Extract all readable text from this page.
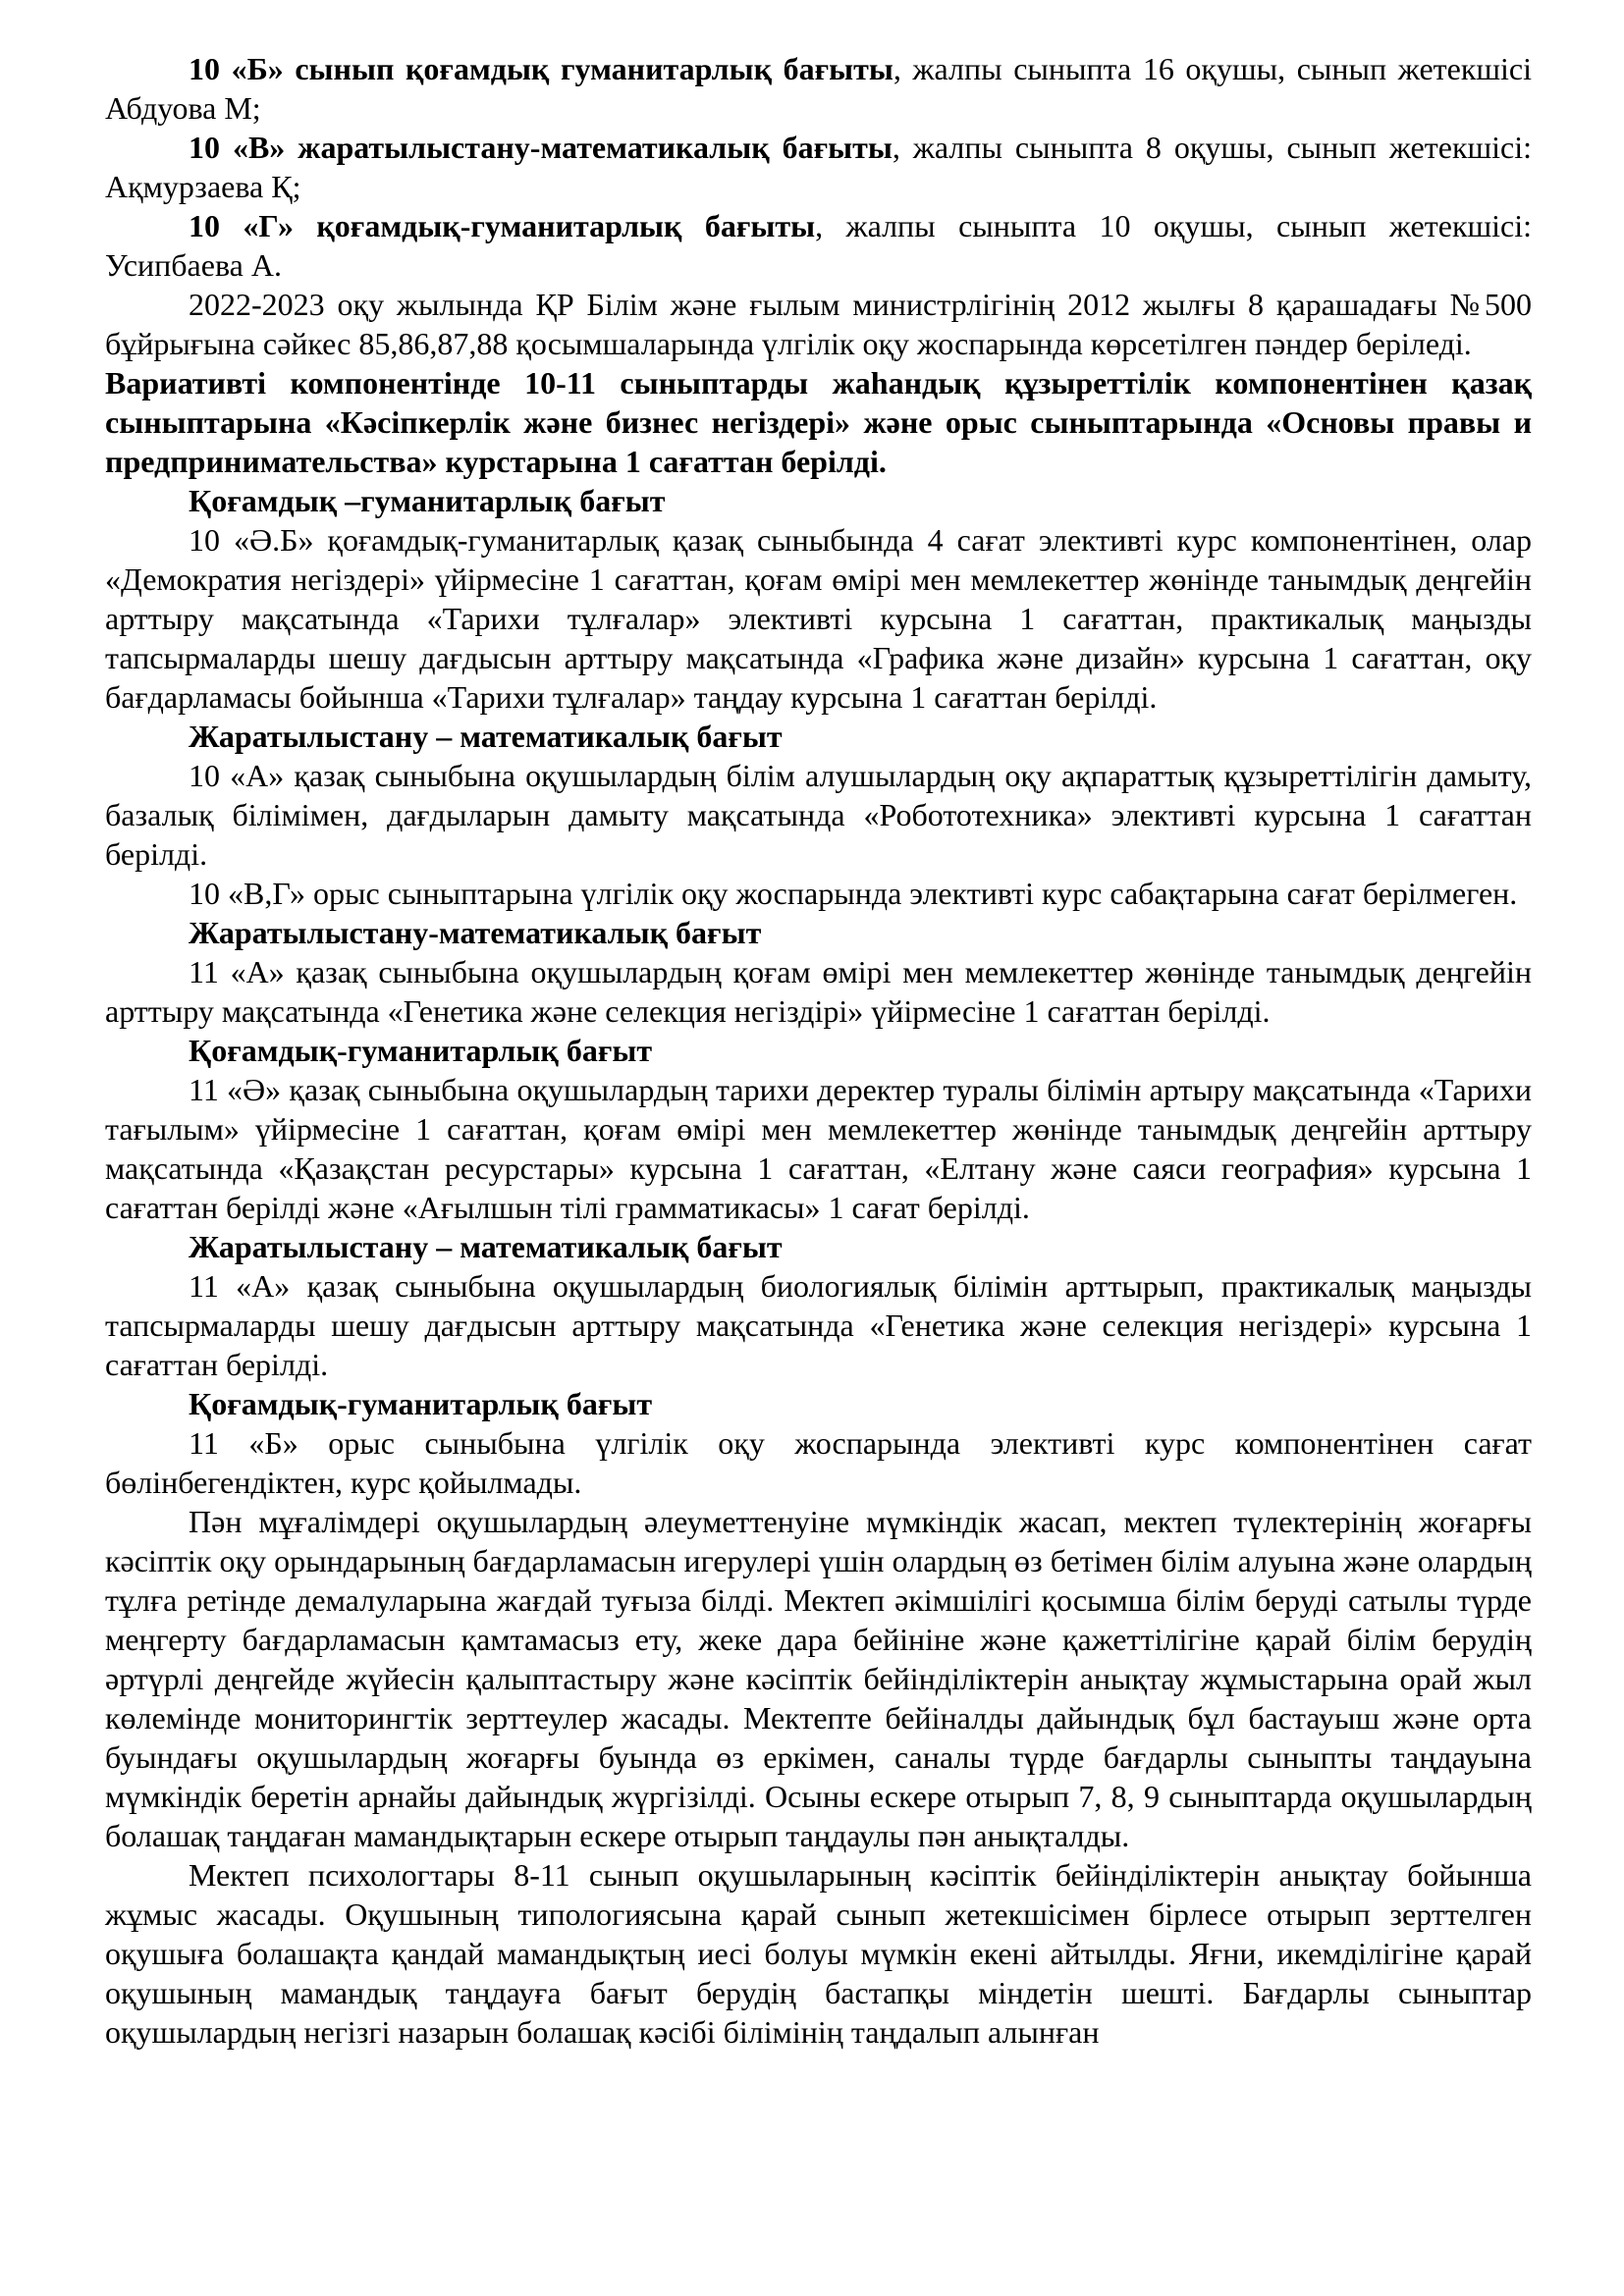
10 «Б» сынып қоғамдық гуманитарлық бағыты, жалпы сыныпта 16 оқушы, сынып жетекшісі Абдуова М;

10 «В» жаратылыстану-математикалық бағыты, жалпы сыныпта 8 оқушы, сынып жетекшісі: Ақмурзаева Қ;

10 «Г» қоғамдық-гуманитарлық бағыты, жалпы сыныпта 10 оқушы, сынып жетекшісі: Усипбаева А.

2022-2023 оқу жылында ҚР Білім және ғылым министрлігінің 2012 жылғы 8 қарашадағы №500 бұйрығына сәйкес 85,86,87,88 қосымшаларында үлгілік оқу жоспарында көрсетілген пәндер беріледі.

Вариативті компонентінде 10-11 сыныптарды жаһандық құзыреттілік компонентінен қазақ сыныптарына «Кәсіпкерлік және бизнес негіздері» және орыс сыныптарында «Основы правы и предпринимательства» курстарына 1 сағаттан берілді.

Қоғамдық –гуманитарлық бағыт

10 «Ә.Б» қоғамдық-гуманитарлық қазақ сыныбында 4 сағат элективті курс компонентінен, олар «Демократия негіздері» үйірмесіне 1 сағаттан, қоғам өмірі мен мемлекеттер жөнінде танымдық деңгейін арттыру мақсатында «Тарихи тұлғалар» элективті курсына 1 сағаттан, практикалық маңызды тапсырмаларды шешу дағдысын арттыру мақсатында «Графика және дизайн» курсына 1 сағаттан, оқу бағдарламасы бойынша «Тарихи тұлғалар» таңдау курсына 1 сағаттан берілді.

Жаратылыстану – математикалық бағыт

10 «А» қазақ сыныбына оқушылардың білім алушылардың оқу ақпараттық құзыреттілігін дамыту, базалық білімімен, дағдыларын дамыту мақсатында «Робототехника» элективті курсына 1 сағаттан берілді.

10 «В,Г» орыс сыныптарына үлгілік оқу жоспарында элективті курс сабақтарына сағат берілмеген.

Жаратылыстану-математикалық бағыт

11 «А» қазақ сыныбына оқушылардың қоғам өмірі мен мемлекеттер жөнінде танымдық деңгейін арттыру мақсатында «Генетика және селекция негіздірі» үйірмесіне 1 сағаттан берілді.

Қоғамдық-гуманитарлық бағыт

11 «Ә» қазақ сыныбына оқушылардың тарихи деректер туралы білімін артыру мақсатында «Тарихи тағылым» үйірмесіне 1 сағаттан, қоғам өмірі мен мемлекеттер жөнінде танымдық деңгейін арттыру мақсатында «Қазақстан ресурстары» курсына 1 сағаттан, «Елтану және саяси география» курсына 1 сағаттан берілді және «Ағылшын тілі грамматикасы» 1 сағат берілді.

Жаратылыстану – математикалық бағыт

11 «А» қазақ сыныбына оқушылардың биологиялық білімін арттырып, практикалық маңызды тапсырмаларды шешу дағдысын арттыру мақсатында «Генетика және селекция негіздері» курсына 1 сағаттан берілді.

Қоғамдық-гуманитарлық бағыт

11 «Б» орыс сыныбына үлгілік оқу жоспарында элективті курс компонентінен сағат бөлінбегендіктен, курс қойылмады.

Пән мұғалімдері оқушылардың әлеуметтенуіне мүмкіндік жасап, мектеп түлектерінің жоғарғы кәсіптік оқу орындарының бағдарламасын игерулері үшін олардың өз бетімен білім алуына және олардың тұлға ретінде демалуларына жағдай туғыза білді. Мектеп әкімшілігі қосымша білім беруді сатылы түрде меңгерту бағдарламасын қамтамасыз ету, жеке дара бейініне және қажеттілігіне қарай білім берудің әртүрлі деңгейде жүйесін қалыптастыру және кәсіптік бейінділіктерін анықтау жұмыстарына орай жыл көлемінде мониторингтік зерттеулер жасады. Мектепте бейіналды дайындық бұл бастауыш және орта буындағы оқушылардың жоғарғы буында өз еркімен, саналы түрде бағдарлы сыныпты таңдауына мүмкіндік беретін арнайы дайындық жүргізілді. Осыны ескере отырып 7, 8, 9 сыныптарда оқушылардың болашақ таңдаған мамандықтарын ескере отырып таңдаулы пән анықталды.

Мектеп психологтары 8-11 сынып оқушыларының кәсіптік бейінділіктерін анықтау бойынша жұмыс жасады. Оқушының типологиясына қарай сынып жетекшісімен бірлесе отырып зерттелген оқушыға болашақта қандай мамандықтың иесі болуы мүмкін екені айтылды. Яғни, икемділігіне қарай оқушының мамандық таңдауға бағыт берудің бастапқы міндетін шешті. Бағдарлы сыныптар оқушылардың негізгі назарын болашақ кәсібі білімінің таңдалып алынған
